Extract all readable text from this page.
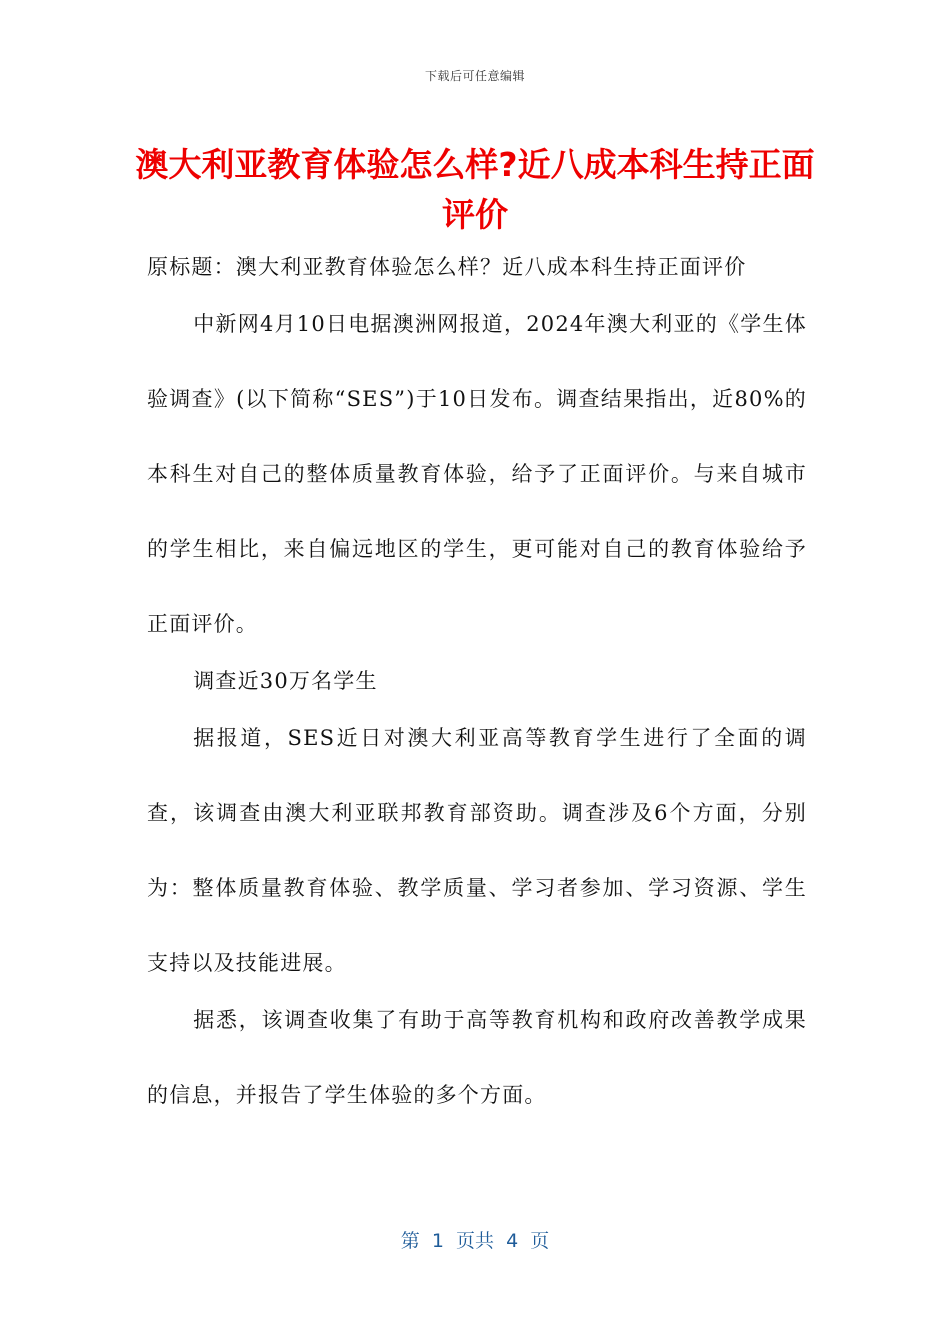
下载后可任意编辑
澳大利亚教育体验怎么样?近八成本科生持正面评价

原标题：澳大利亚教育体验怎么样？近八成本科生持正面评价

中新网4月10日电据澳洲网报道，2024年澳大利亚的《学生体验调查》(以下简称“SES”)于10日发布。调查结果指出，近80%的本科生对自己的整体质量教育体验，给予了正面评价。与来自城市的学生相比，来自偏远地区的学生，更可能对自己的教育体验给予正面评价。

调查近30万名学生

据报道，SES近日对澳大利亚高等教育学生进行了全面的调查，该调查由澳大利亚联邦教育部资助。调查涉及6个方面，分别为：整体质量教育体验、教学质量、学习者参加、学习资源、学生支持以及技能进展。

据悉，该调查收集了有助于高等教育机构和政府改善教学成果的信息，并报告了学生体验的多个方面。

第  1  页共  4  页
